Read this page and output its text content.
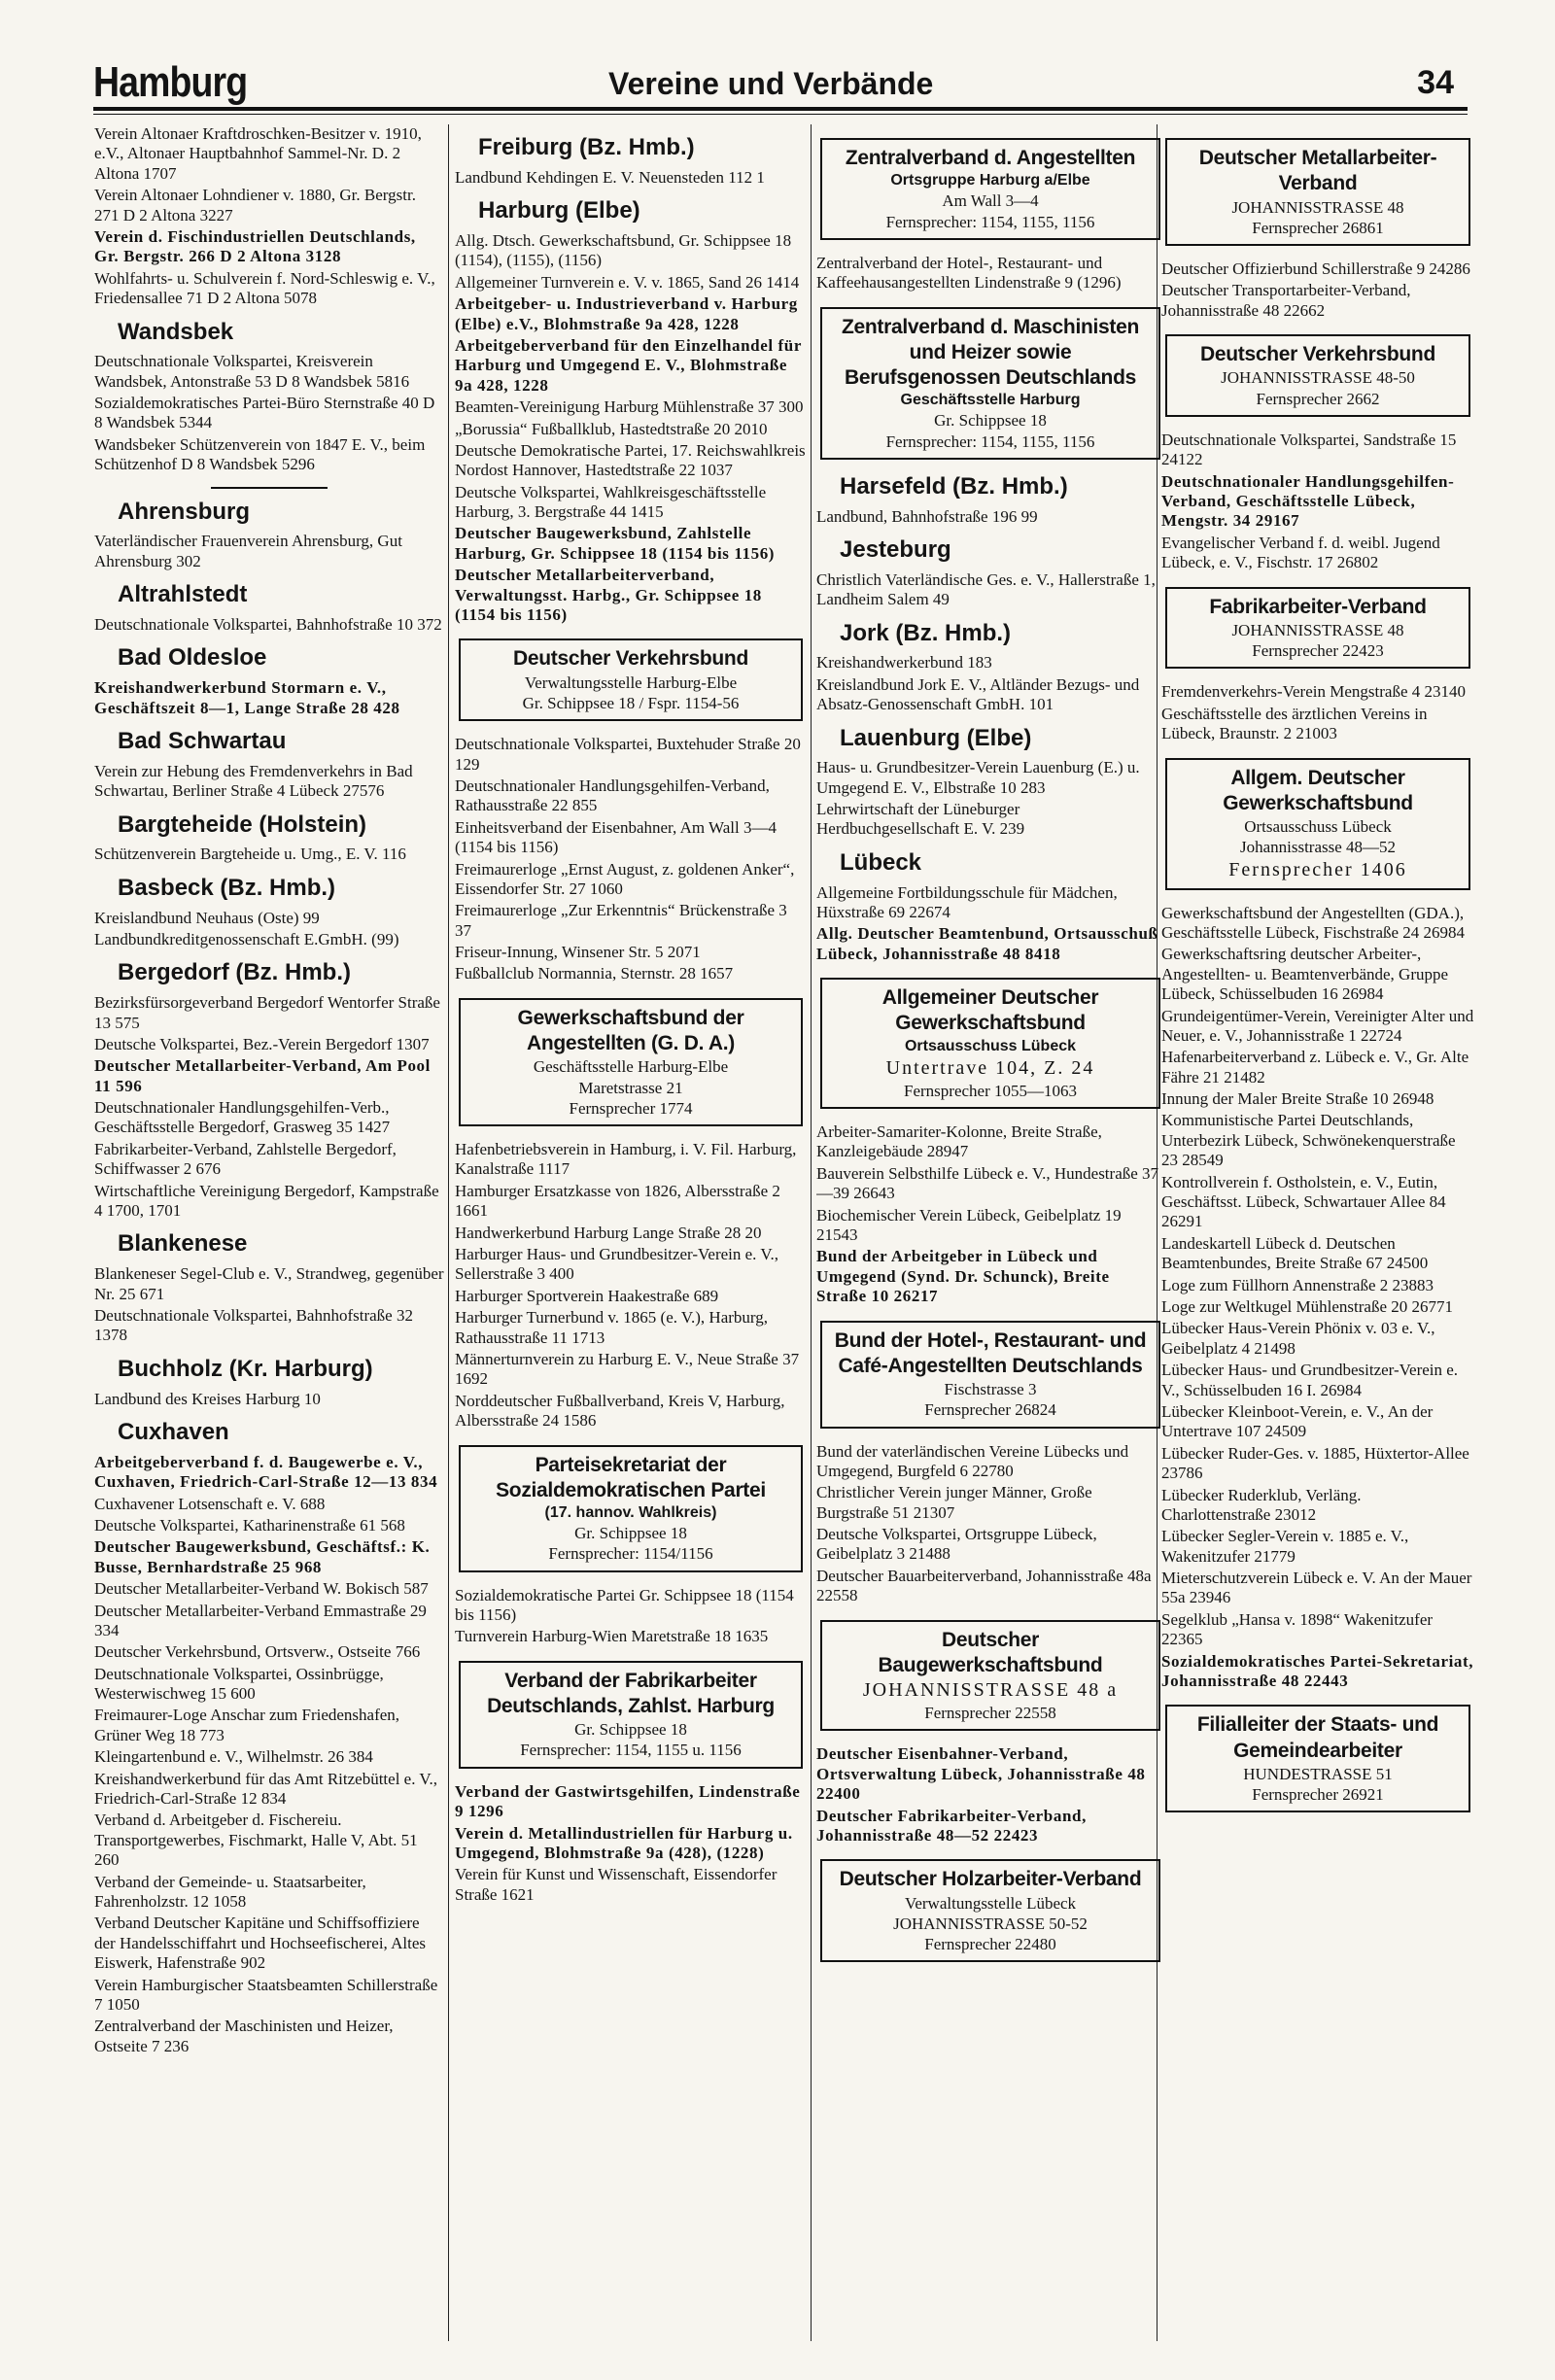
Hamburg	Vereine und Verbände	34
Verein Altonaer Kraftdroschken-Besitzer v. 1910, e.V., Altonaer Hauptbahnhof Sammel-Nr. D. 2 Altona 1707
Verein Altonaer Lohndiener v. 1880, Gr. Bergstr. 271 D 2 Altona 3227
Verein d. Fischindustriellen Deutschlands, Gr. Bergstr. 266 D 2 Altona 3128
Wohlfahrts- u. Schulverein f. Nord-Schleswig e. V., Friedensallee 71 D 2 Altona 5078
Wandsbek
Deutschnationale Volkspartei, Kreisverein Wandsbek, Antonstraße 53 D 8 Wandsbek 5816
Sozialdemokratisches Partei-Büro Sternstraße 40 D 8 Wandsbek 5344
Wandsbeker Schützenverein von 1847 E. V., beim Schützenhof D 8 Wandsbek 5296
Ahrensburg
Vaterländischer Frauenverein Ahrensburg, Gut Ahrensburg 302
Altrahlstedt
Deutschnationale Volkspartei, Bahnhofstraße 10 372
Bad Oldesloe
Kreishandwerkerbund Stormarn e. V., Geschäftszeit 8—1, Lange Straße 28 428
Bad Schwartau
Verein zur Hebung des Fremdenverkehrs in Bad Schwartau, Berliner Straße 4 Lübeck 27576
Bargteheide (Holstein)
Schützenverein Bargteheide u. Umg., E. V. 116
Basbeck (Bz. Hmb.)
Kreislandbund Neuhaus (Oste) 99
Landbundkreditgenossenschaft E.GmbH. (99)
Bergedorf (Bz. Hmb.)
Bezirksfürsorgeverband Bergedorf Wentorfer Straße 13 575
Deutsche Volkspartei, Bez.-Verein Bergedorf 1307
Deutscher Metallarbeiter-Verband, Am Pool 11 596
Deutschnationaler Handlungsgehilfen-Verb., Geschäftsstelle Bergedorf, Grasweg 35 1427
Fabrikarbeiter-Verband, Zahlstelle Bergedorf, Schiffwasser 2 676
Wirtschaftliche Vereinigung Bergedorf, Kampstraße 4 1700, 1701
Blankenese
Blankeneser Segel-Club e. V., Strandweg, gegenüber Nr. 25 671
Deutschnationale Volkspartei, Bahnhofstraße 32 1378
Buchholz (Kr. Harburg)
Landbund des Kreises Harburg 10
Cuxhaven
Arbeitgeberverband f. d. Baugewerbe e. V., Cuxhaven, Friedrich-Carl-Straße 12—13 834
Cuxhavener Lotsenschaft e. V. 688
Deutsche Volkspartei, Katharinenstraße 61 568
Deutscher Baugewerksbund, Geschäftsf.: K. Busse, Bernhardstraße 25 968
Deutscher Metallarbeiter-Verband W. Bokisch 587
Deutscher Metallarbeiter-Verband Emmastraße 29 334
Deutscher Verkehrsbund, Ortsverw., Ostseite 766
Deutschnationale Volkspartei, Ossinbrügge, Westerwischweg 15 600
Freimaurer-Loge Anschar zum Friedenshafen, Grüner Weg 18 773
Kleingartenbund e. V., Wilhelmstr. 26 384
Kreishandwerkerbund für das Amt Ritzebüttel e. V., Friedrich-Carl-Straße 12 834
Verband d. Arbeitgeber d. Fischereiu. Transportgewerbes, Fischmarkt, Halle V, Abt. 51 260
Verband der Gemeinde- u. Staatsarbeiter, Fahrenholzstr. 12 1058
Verband Deutscher Kapitäne und Schiffsoffiziere der Handelsschiffahrt und Hochseefischerei, Altes Eiswerk, Hafenstraße 902
Verein Hamburgischer Staatsbeamten Schillerstraße 7 1050
Zentralverband der Maschinisten und Heizer, Ostseite 7 236
Freiburg (Bz. Hmb.)
Landbund Kehdingen E. V. Neuensteden 112 1
Harburg (Elbe)
Allg. Dtsch. Gewerkschaftsbund, Gr. Schippsee 18 (1154), (1155), (1156)
Allgemeiner Turnverein e. V. v. 1865, Sand 26 1414
Arbeitgeber- u. Industrieverband v. Harburg (Elbe) e.V., Blohmstraße 9a 428, 1228
Arbeitgeberverband für den Einzelhandel für Harburg und Umgegend E. V., Blohmstraße 9a 428, 1228
Beamten-Vereinigung Harburg Mühlenstraße 37 300
„Borussia“ Fußballklub, Hastedtstraße 20 2010
Deutsche Demokratische Partei, 17. Reichswahlkreis Nordost Hannover, Hastedtstraße 22 1037
Deutsche Volkspartei, Wahlkreisgeschäftsstelle Harburg, 3. Bergstraße 44 1415
Deutscher Baugewerksbund, Zahlstelle Harburg, Gr. Schippsee 18 (1154 bis 1156)
Deutscher Metallarbeiterverband, Verwaltungsst. Harbg., Gr. Schippsee 18 (1154 bis 1156)
Deutscher Verkehrsbund
Verwaltungsstelle Harburg-Elbe
Gr. Schippsee 18 / Fspr. 1154-56
Deutschnationale Volkspartei, Buxtehuder Straße 20 129
Deutschnationaler Handlungsgehilfen-Verband, Rathausstraße 22 855
Einheitsverband der Eisenbahner, Am Wall 3—4 (1154 bis 1156)
Freimaurerloge „Ernst August, z. goldenen Anker“, Eissendorfer Str. 27 1060
Freimaurerloge „Zur Erkenntnis“ Brückenstraße 3 37
Friseur-Innung, Winsener Str. 5 2071
Fußballclub Normannia, Sternstr. 28 1657
Gewerkschaftsbund der Angestellten (G. D. A.)
Geschäftsstelle Harburg-Elbe
Maretstrasse 21
Fernsprecher 1774
Hafenbetriebsverein in Hamburg, i. V. Fil. Harburg, Kanalstraße 1117
Hamburger Ersatzkasse von 1826, Albersstraße 2 1661
Handwerkerbund Harburg Lange Straße 28 20
Harburger Haus- und Grundbesitzer-Verein e. V., Sellerstraße 3 400
Harburger Sportverein Haakestraße 689
Harburger Turnerbund v. 1865 (e. V.), Harburg, Rathausstraße 11 1713
Männerturnverein zu Harburg E. V., Neue Straße 37 1692
Norddeutscher Fußballverband, Kreis V, Harburg, Albersstraße 24 1586
Parteisekretariat der Sozialdemokratischen Partei
(17. hannov. Wahlkreis)
Gr. Schippsee 18
Fernsprecher: 1154/1156
Sozialdemokratische Partei Gr. Schippsee 18 (1154 bis 1156)
Turnverein Harburg-Wien Maretstraße 18 1635
Verband der Fabrikarbeiter Deutschlands, Zahlst. Harburg
Gr. Schippsee 18
Fernsprecher: 1154, 1155 u. 1156
Verband der Gastwirtsgehilfen, Lindenstraße 9 1296
Verein d. Metallindustriellen für Harburg u. Umgegend, Blohmstraße 9a (428), (1228)
Verein für Kunst und Wissenschaft, Eissendorfer Straße 1621
Zentralverband d. Angestellten
Ortsgruppe Harburg a/Elbe
Am Wall 3—4
Fernsprecher: 1154, 1155, 1156
Zentralverband der Hotel-, Restaurant- und Kaffeehausangestellten Lindenstraße 9 (1296)
Zentralverband d. Maschinisten und Heizer sowie Berufsgenossen Deutschlands
Geschäftsstelle Harburg
Gr. Schippsee 18
Fernsprecher: 1154, 1155, 1156
Harsefeld (Bz. Hmb.)
Landbund, Bahnhofstraße 196 99
Jesteburg
Christlich Vaterländische Ges. e. V., Hallerstraße 1, Landheim Salem 49
Jork (Bz. Hmb.)
Kreishandwerkerbund 183
Kreislandbund Jork E. V., Altländer Bezugs- und Absatz-Genossenschaft GmbH. 101
Lauenburg (Elbe)
Haus- u. Grundbesitzer-Verein Lauenburg (E.) u. Umgegend E. V., Elbstraße 10 283
Lehrwirtschaft der Lüneburger Herdbuchgesellschaft E. V. 239
Lübeck
Allgemeine Fortbildungsschule für Mädchen, Hüxstraße 69 22674
Allg. Deutscher Beamtenbund, Ortsausschuß Lübeck, Johannisstraße 48 8418
Allgemeiner Deutscher Gewerkschaftsbund
Ortsausschuss Lübeck
Untertrave 104, Z. 24
Fernsprecher 1055—1063
Arbeiter-Samariter-Kolonne, Breite Straße, Kanzleigebäude 28947
Bauverein Selbsthilfe Lübeck e. V., Hundestraße 37—39 26643
Biochemischer Verein Lübeck, Geibelplatz 19 21543
Bund der Arbeitgeber in Lübeck und Umgegend (Synd. Dr. Schunck), Breite Straße 10 26217
Bund der Hotel-, Restaurant- und Café-Angestellten Deutschlands
Fischstrasse 3
Fernsprecher 26824
Bund der vaterländischen Vereine Lübecks und Umgegend, Burgfeld 6 22780
Christlicher Verein junger Männer, Große Burgstraße 51 21307
Deutsche Volkspartei, Ortsgruppe Lübeck, Geibelplatz 3 21488
Deutscher Bauarbeiterverband, Johannisstraße 48a 22558
Deutscher Baugewerkschaftsbund
JOHANNISSTRASSE 48 a
Fernsprecher 22558
Deutscher Eisenbahner-Verband, Ortsverwaltung Lübeck, Johannisstraße 48 22400
Deutscher Fabrikarbeiter-Verband, Johannisstraße 48—52 22423
Deutscher Holzarbeiter-Verband
Verwaltungsstelle Lübeck
JOHANNISSTRASSE 50-52
Fernsprecher 22480
Deutscher Metallarbeiter-Verband
JOHANNISSTRASSE 48
Fernsprecher 26861
Deutscher Offizierbund Schillerstraße 9 24286
Deutscher Transportarbeiter-Verband, Johannisstraße 48 22662
Deutscher Verkehrsbund
JOHANNISSTRASSE 48-50
Fernsprecher 2662
Deutschnationale Volkspartei, Sandstraße 15 24122
Deutschnationaler Handlungsgehilfen-Verband, Geschäftsstelle Lübeck, Mengstr. 34 29167
Evangelischer Verband f. d. weibl. Jugend Lübeck, e. V., Fischstr. 17 26802
Fabrikarbeiter-Verband
JOHANNISSTRASSE 48
Fernsprecher 22423
Fremdenverkehrs-Verein Mengstraße 4 23140
Geschäftsstelle des ärztlichen Vereins in Lübeck, Braunstr. 2 21003
Allgem. Deutscher Gewerkschaftsbund
Ortsausschuss Lübeck
Johannisstrasse 48—52
Fernsprecher 1406
Gewerkschaftsbund der Angestellten (GDA.), Geschäftsstelle Lübeck, Fischstraße 24 26984
Gewerkschaftsring deutscher Arbeiter-, Angestellten- u. Beamtenverbände, Gruppe Lübeck, Schüsselbuden 16 26984
Grundeigentümer-Verein, Vereinigter Alter und Neuer, e. V., Johannisstraße 1 22724
Hafenarbeiterverband z. Lübeck e. V., Gr. Alte Fähre 21 21482
Innung der Maler Breite Straße 10 26948
Kommunistische Partei Deutschlands, Unterbezirk Lübeck, Schwönekenquerstraße 23 28549
Kontrollverein f. Ostholstein, e. V., Eutin, Geschäftsst. Lübeck, Schwartauer Allee 84 26291
Landeskartell Lübeck d. Deutschen Beamtenbundes, Breite Straße 67 24500
Loge zum Füllhorn Annenstraße 2 23883
Loge zur Weltkugel Mühlenstraße 20 26771
Lübecker Haus-Verein Phönix v. 03 e. V., Geibelplatz 4 21498
Lübecker Haus- und Grundbesitzer-Verein e. V., Schüsselbuden 16 I. 26984
Lübecker Kleinboot-Verein, e. V., An der Untertrave 107 24509
Lübecker Ruder-Ges. v. 1885, Hüxtertor-Allee 23786
Lübecker Ruderklub, Verläng. Charlottenstraße 23012
Lübecker Segler-Verein v. 1885 e. V., Wakenitzufer 21779
Mieterschutzverein Lübeck e. V. An der Mauer 55a 23946
Segelklub „Hansa v. 1898“ Wakenitzufer 22365
Sozialdemokratisches Partei-Sekretariat, Johannisstraße 48 22443
Filialleiter der Staats- und Gemeindearbeiter
HUNDESTRASSE 51
Fernsprecher 26921
